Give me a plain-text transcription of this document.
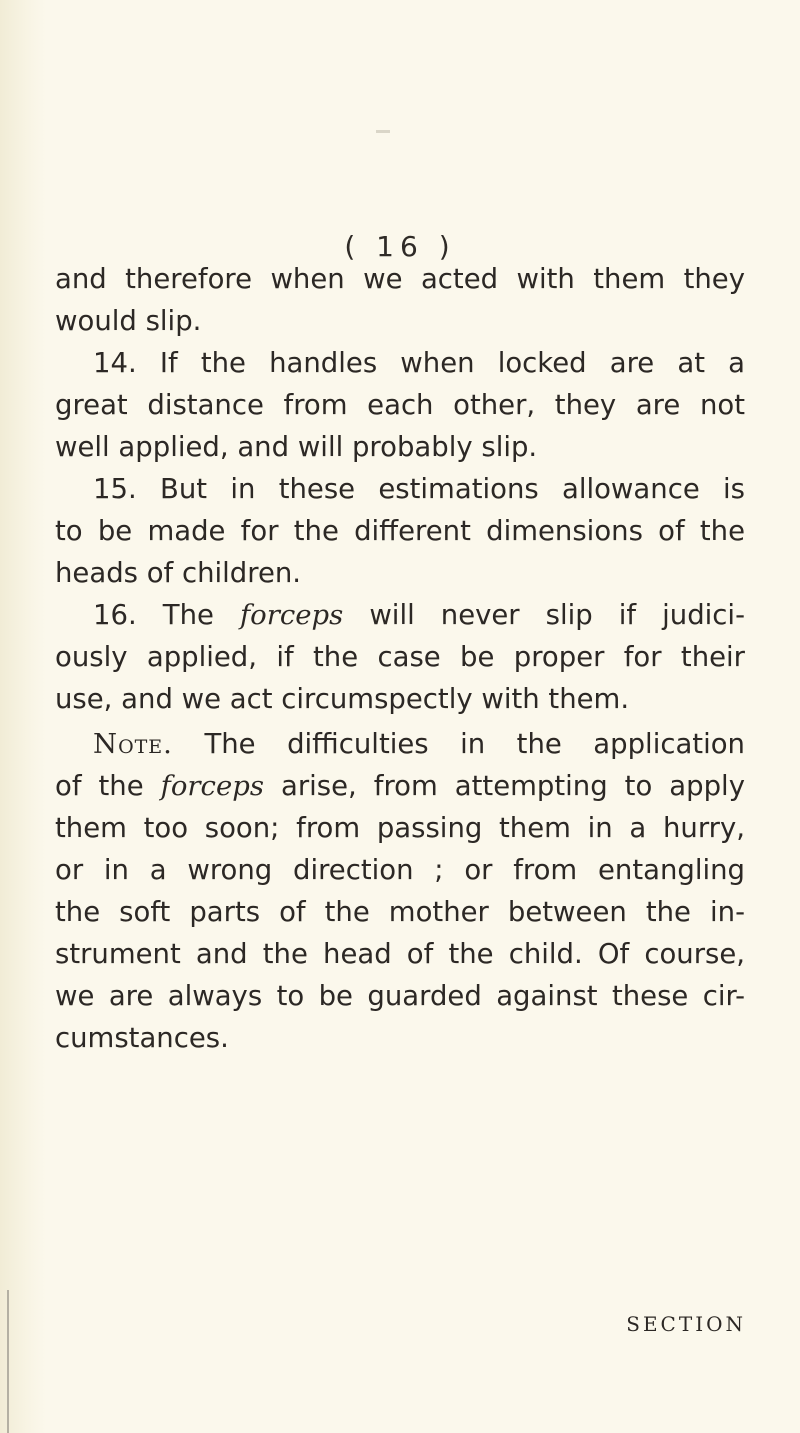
( 16 )
and therefore when we acted with them they
would slip.
14. If the handles when locked are at a
great distance from each other, they are not
well applied, and will probably slip.
15. But in these estimations allowance is
to be made for the different dimensions of the
heads of children.
16. The forceps will never slip if judici-
ously applied, if the case be proper for their
use, and we act circumspectly with them.
Note. The difficulties in the application
of the forceps arise, from attempting to apply
them too soon; from passing them in a hurry,
or in a wrong direction ; or from entangling
the soft parts of the mother between the in-
strument and the head of the child. Of course,
we are always to be guarded against these cir-
cumstances.
SECTION
